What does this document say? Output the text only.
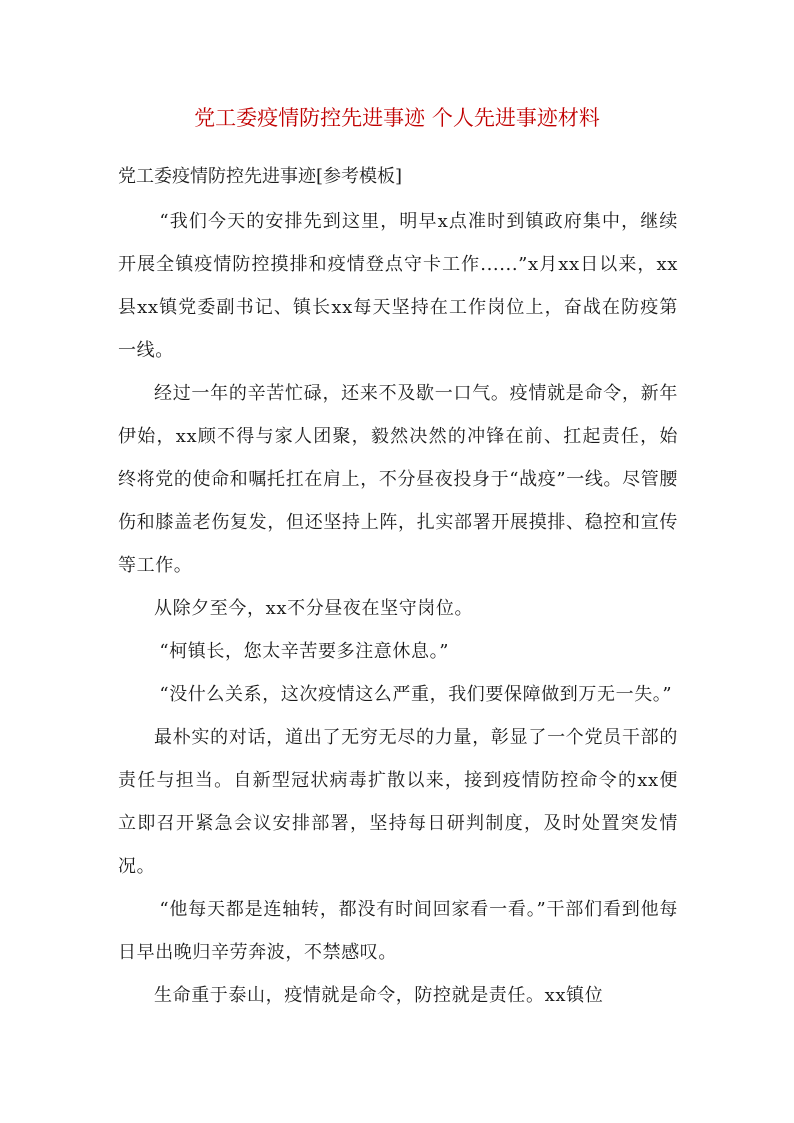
党工委疫情防控先进事迹 个人先进事迹材料
党工委疫情防控先进事迹[参考模板]

“我们今天的安排先到这里，明早x点准时到镇政府集中，继续开展全镇疫情防控摸排和疫情登点守卡工作......”x月xx日以来，xx县xx镇党委副书记、镇长xx每天坚持在工作岗位上，奋战在防疫第一线。

经过一年的辛苦忙碌，还来不及歇一口气。疫情就是命令，新年伊始，xx顾不得与家人团聚，毅然决然的冲锋在前、扛起责任，始终将党的使命和嘱托扛在肩上，不分昼夜投身于“战疫”一线。尽管腰伤和膝盖老伤复发，但还坚持上阵，扎实部署开展摸排、稳控和宣传等工作。

从除夕至今，xx不分昼夜在坚守岗位。

“柯镇长，您太辛苦要多注意休息。”

“没什么关系，这次疫情这么严重，我们要保障做到万无一失。”

最朴实的对话，道出了无穷无尽的力量，彰显了一个党员干部的责任与担当。自新型冠状病毒扩散以来，接到疫情防控命令的xx便立即召开紧急会议安排部署，坚持每日研判制度，及时处置突发情况。

“他每天都是连轴转，都没有时间回家看一看。”干部们看到他每日早出晚归辛劳奔波，不禁感叹。

生命重于泰山，疫情就是命令，防控就是责任。xx镇位
